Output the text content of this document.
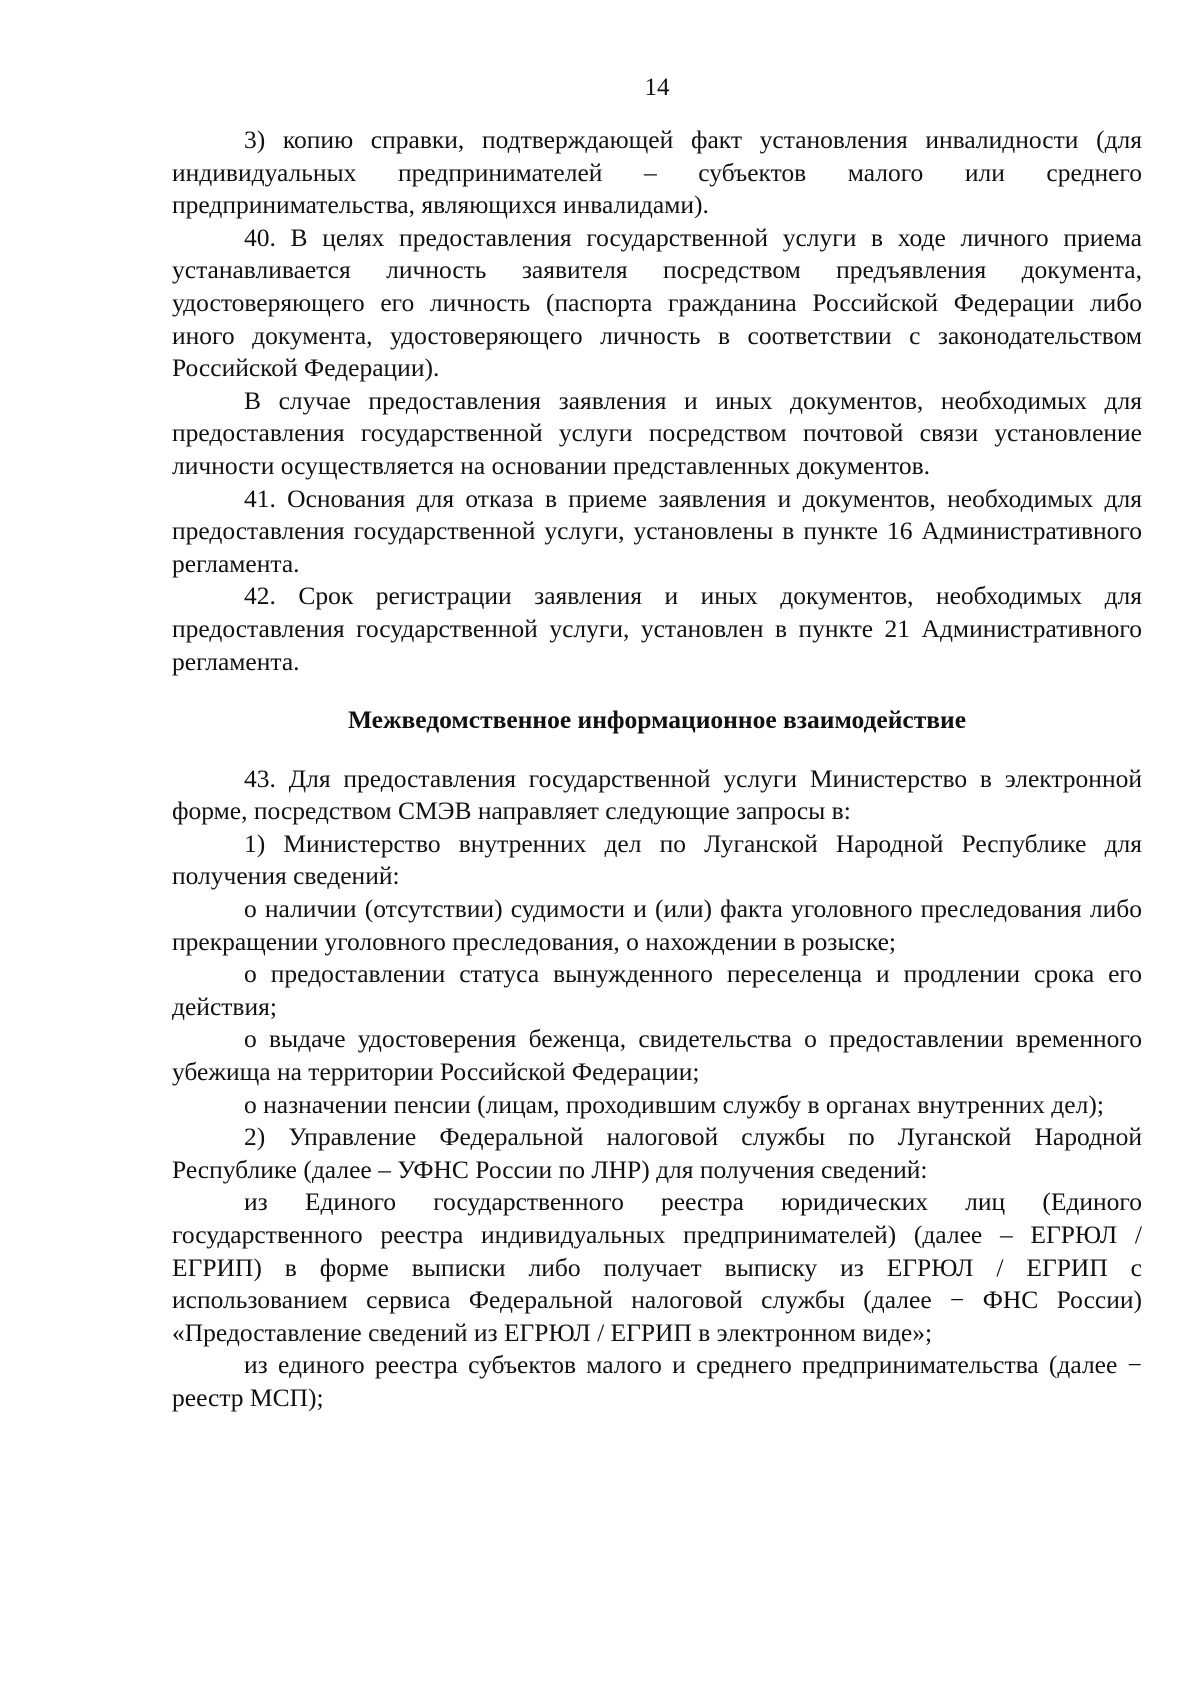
14

3) копию справки, подтверждающей факт установления инвалидности (для индивидуальных предпринимателей – субъектов малого или среднего предпринимательства, являющихся инвалидами).

40. В целях предоставления государственной услуги в ходе личного приема устанавливается личность заявителя посредством предъявления документа, удостоверяющего его личность (паспорта гражданина Российской Федерации либо иного документа, удостоверяющего личность в соответствии с законодательством Российской Федерации).

В случае предоставления заявления и иных документов, необходимых для предоставления государственной услуги посредством почтовой связи установление личности осуществляется на основании представленных документов.

41. Основания для отказа в приеме заявления и документов, необходимых для предоставления государственной услуги, установлены в пункте 16 Административного регламента.

42. Срок регистрации заявления и иных документов, необходимых для предоставления государственной услуги, установлен в пункте 21 Административного регламента.

Межведомственное информационное взаимодействие

43. Для предоставления государственной услуги Министерство в электронной форме, посредством СМЭВ направляет следующие запросы в:

1) Министерство внутренних дел по Луганской Народной Республике для получения сведений:

о наличии (отсутствии) судимости и (или) факта уголовного преследования либо прекращении уголовного преследования, о нахождении в розыске;

о предоставлении статуса вынужденного переселенца и продлении срока его действия;

о выдаче удостоверения беженца, свидетельства о предоставлении временного убежища на территории Российской Федерации;

о назначении пенсии (лицам, проходившим службу в органах внутренних дел);

2) Управление Федеральной налоговой службы по Луганской Народной Республике (далее – УФНС России по ЛНР) для получения сведений:

из Единого государственного реестра юридических лиц (Единого государственного реестра индивидуальных предпринимателей) (далее – ЕГРЮЛ / ЕГРИП) в форме выписки либо получает выписку из ЕГРЮЛ / ЕГРИП с использованием сервиса Федеральной налоговой службы (далее − ФНС России) «Предоставление сведений из ЕГРЮЛ / ЕГРИП в электронном виде»;

из единого реестра субъектов малого и среднего предпринимательства (далее − реестр МСП);
